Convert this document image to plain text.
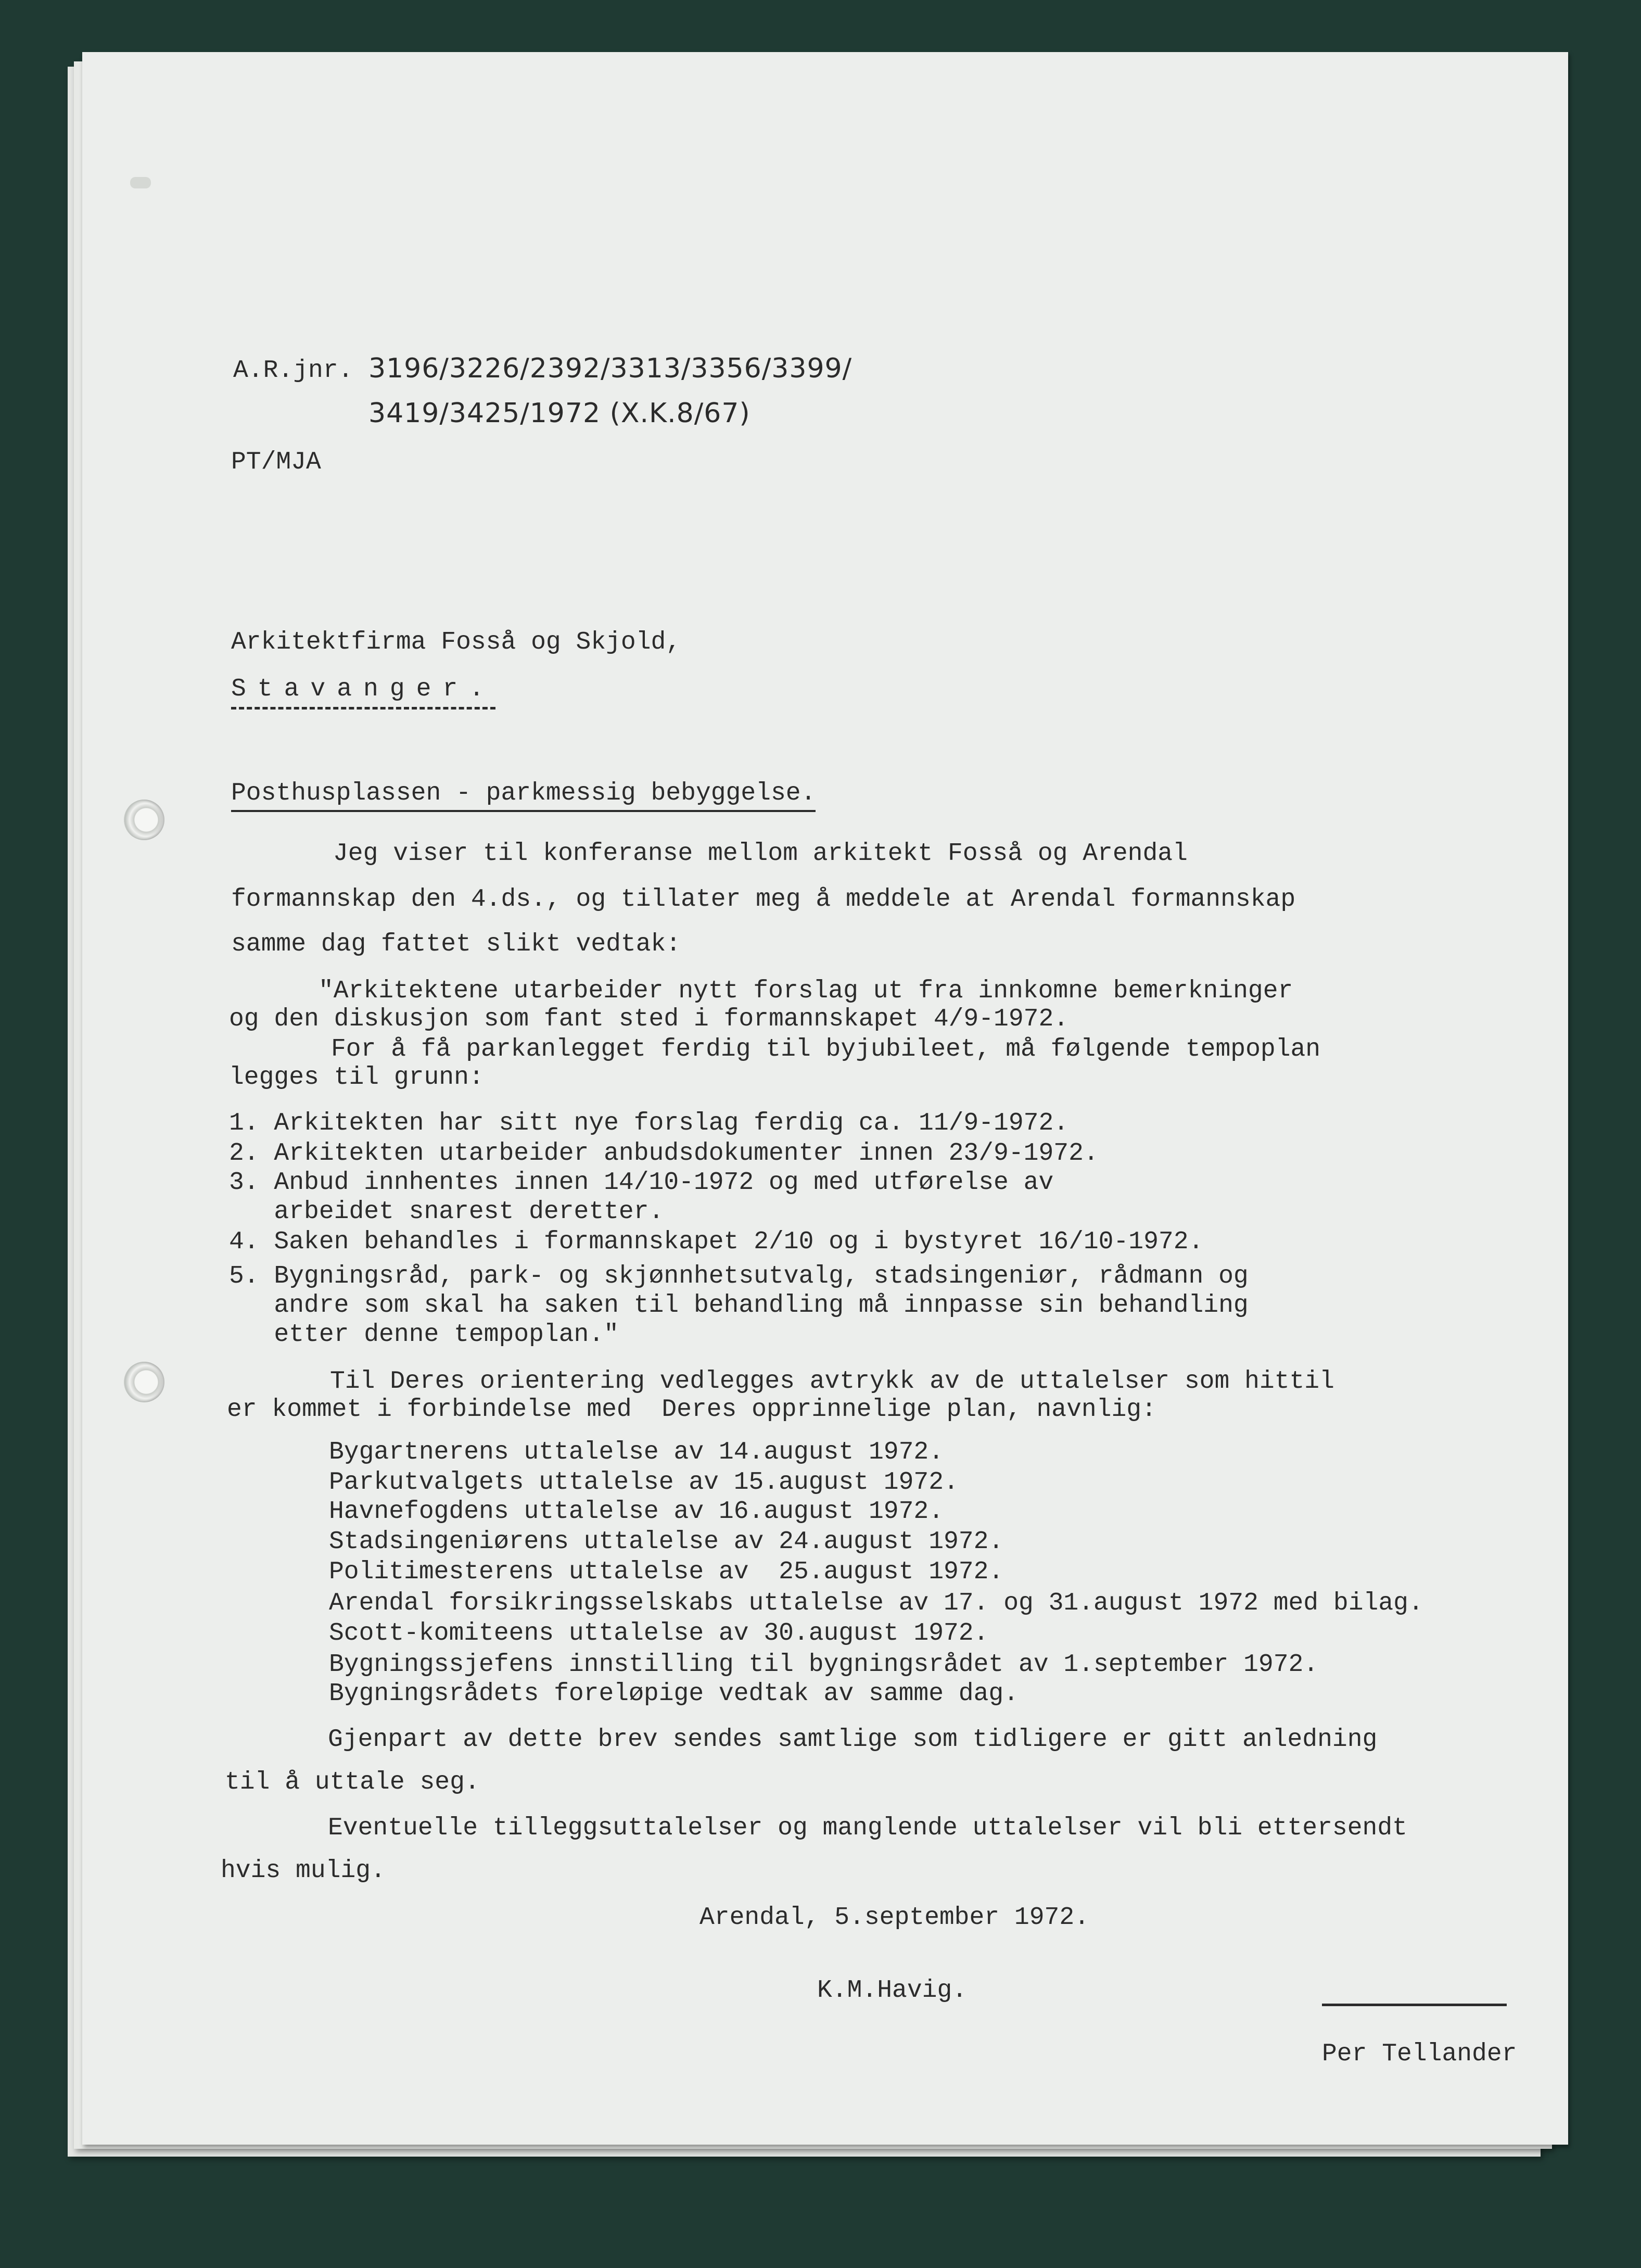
A.R.jnr. 3196/3226/2392/3313/3356/3399/
3419/3425/1972 (X.K.8/67)
PT/MJA
Arkitektfirma Fosså og Skjold,
Stavanger.
Posthusplassen - parkmessig bebyggelse.
Jeg viser til konferanse mellom arkitekt Fosså og Arendal
formannskap den 4.ds., og tillater meg å meddele at Arendal formannskap
samme dag fattet slikt vedtak:
"Arkitektene utarbeider nytt forslag ut fra innkomne bemerkninger
og den diskusjon som fant sted i formannskapet 4/9-1972.
For å få parkanlegget ferdig til byjubileet, må følgende tempoplan
legges til grunn:
1. Arkitekten har sitt nye forslag ferdig ca. 11/9-1972.
2. Arkitekten utarbeider anbudsdokumenter innen 23/9-1972.
3. Anbud innhentes innen 14/10-1972 og med utførelse av
arbeidet snarest deretter.
4. Saken behandles i formannskapet 2/10 og i bystyret 16/10-1972.
5. Bygningsråd, park- og skjønnhetsutvalg, stadsingeniør, rådmann og
andre som skal ha saken til behandling må innpasse sin behandling
etter denne tempoplan."
Til Deres orientering vedlegges avtrykk av de uttalelser som hittil
er kommet i forbindelse med  Deres opprinnelige plan, navnlig:
Bygartnerens uttalelse av 14.august 1972.
Parkutvalgets uttalelse av 15.august 1972.
Havnefogdens uttalelse av 16.august 1972.
Stadsingeniørens uttalelse av 24.august 1972.
Politimesterens uttalelse av  25.august 1972.
Arendal forsikringsselskabs uttalelse av 17. og 31.august 1972 med bilag.
Scott-komiteens uttalelse av 30.august 1972.
Bygningssjefens innstilling til bygningsrådet av 1.september 1972.
Bygningsrådets foreløpige vedtak av samme dag.
Gjenpart av dette brev sendes samtlige som tidligere er gitt anledning
til å uttale seg.
Eventuelle tilleggsuttalelser og manglende uttalelser vil bli ettersendt
hvis mulig.
Arendal, 5.september 1972.
K.M.Havig.
Per Tellander
